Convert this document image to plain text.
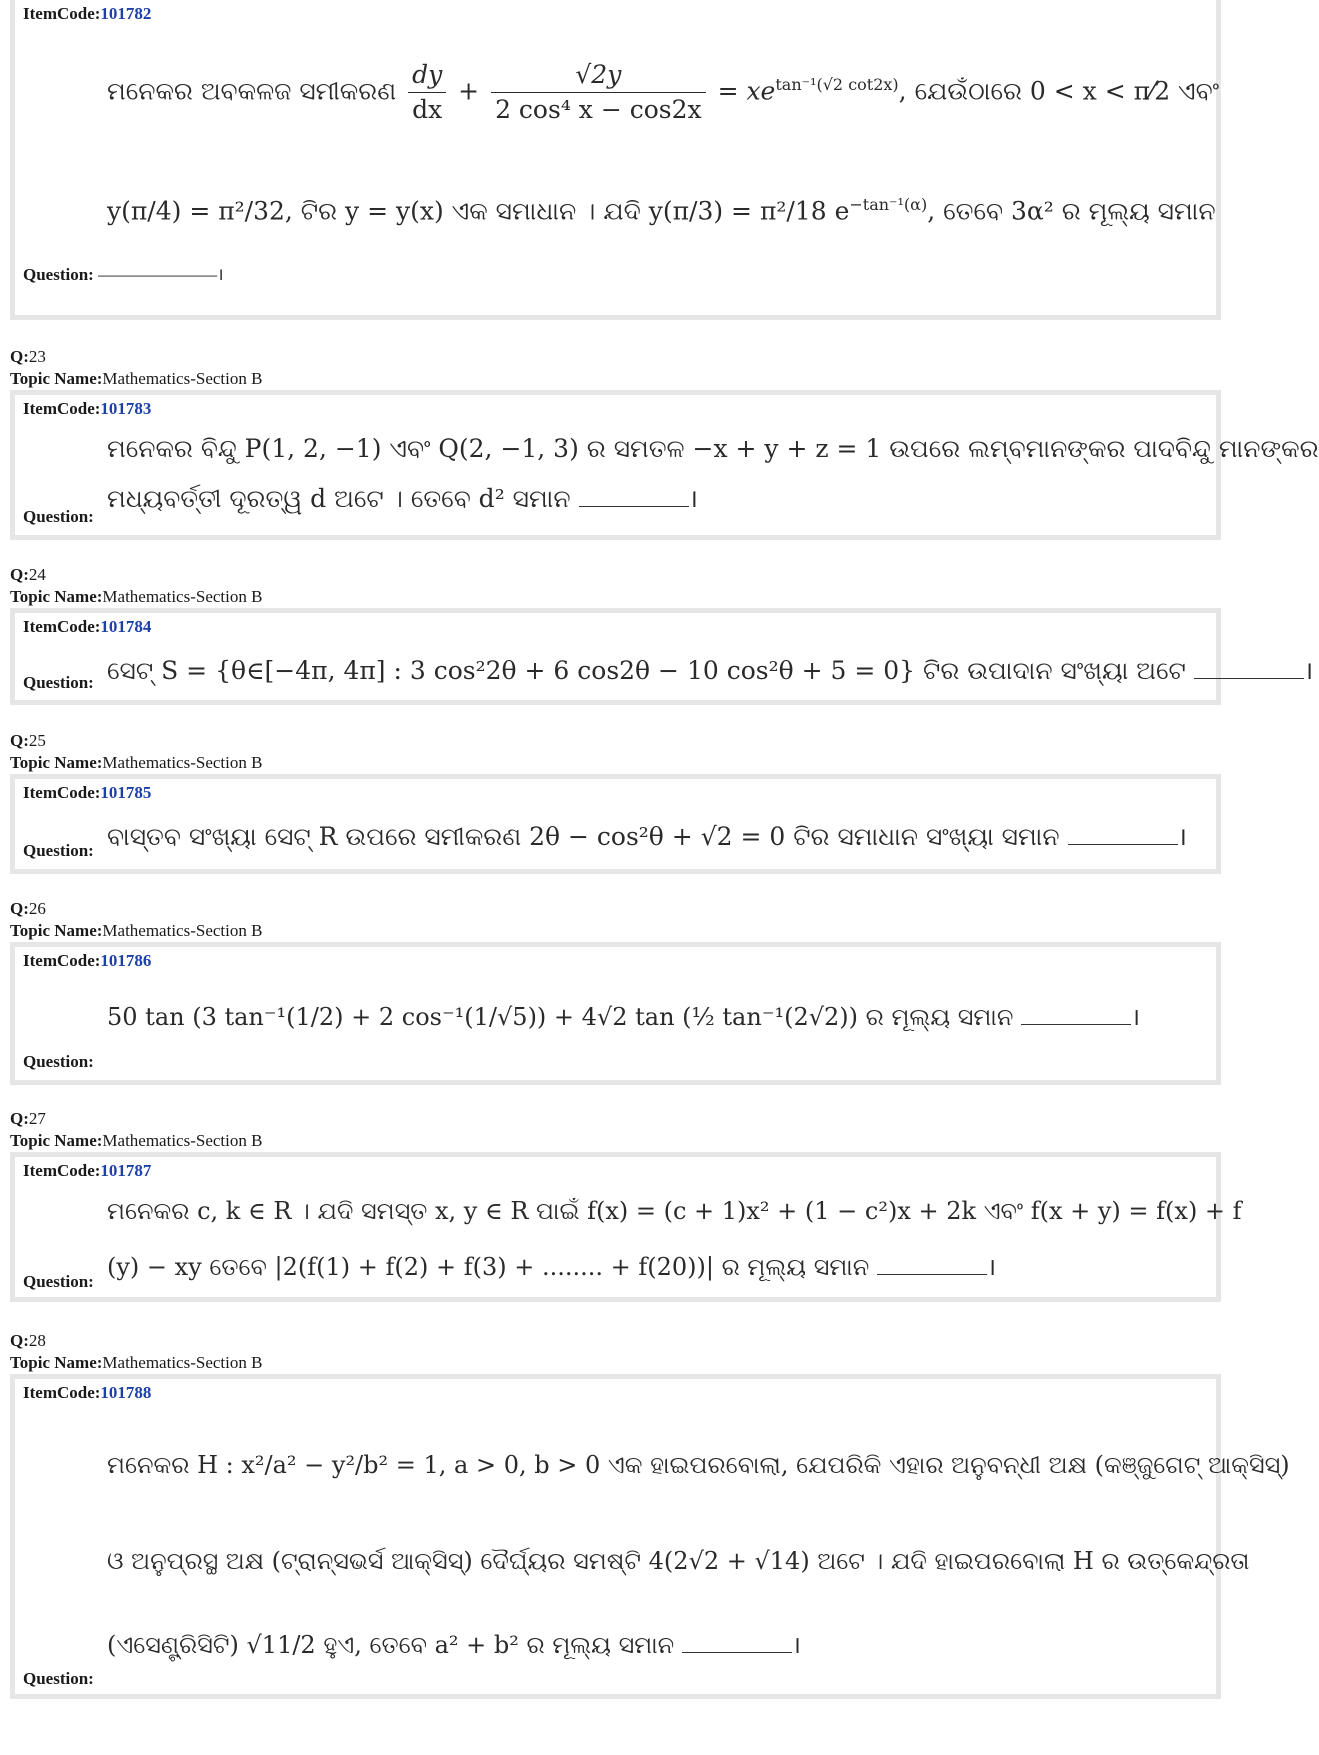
ItemCode:101782
ମନେକର ଅବକଳଜ ସମୀକରଣ $\frac{dy}{dx} + \frac{√2y}{\text{2 cos⁴ x − cos2x}} = xe^{tan^{-1}(√2 cot2x)}$, ଯେଉଁଠାରେ 0 < x < π⁄2 ଏବଂ
y(π/4) = π²/32, ଟିର y = y(x) ଏକ ସମାଧାନ । ଯଦି y(π/3) = π²/18 $e^{-tan^{-1}(\alpha)}$, ତେବେ 3α² ର ମୂଲ୍ୟ ସମାନ
Question: ———————।
Q:23
Topic Name:Mathematics-Section B
ItemCode:101783
ମନେକର ବିନ୍ଦୁ P(1, 2, −1) ଏବଂ Q(2, −1, 3) ର ସମତଳ −x + y + z = 1 ଉପରେ ଲମ୍ବମାନଙ୍କର ପାଦବିନ୍ଦୁ ମାନଙ୍କର
ମଧ୍ୟବର୍ତ୍ତୀ ଦୂରତ୍ୱ d ଅଟେ । ତେବେ d² ସମାନ	।
Question:
Q:24
Topic Name:Mathematics-Section B
ItemCode:101784
ସେଟ୍ S = {θ∈[−4π, 4π] : 3 cos²2θ + 6 cos2θ − 10 cos²θ + 5 = 0} ଟିର ଉପାଦାନ ସଂଖ୍ୟା ଅଟେ	।
Question:
Q:25
Topic Name:Mathematics-Section B
ItemCode:101785
ବାସ୍ତବ ସଂଖ୍ୟା ସେଟ୍ R ଉପରେ ସମୀକରଣ 2θ − cos²θ + √2 = 0 ଟିର ସମାଧାନ ସଂଖ୍ୟା ସମାନ	।
Question:
Q:26
Topic Name:Mathematics-Section B
ItemCode:101786
50 tan (3 tan⁻¹(1/2) + 2 cos⁻¹(1/√5)) + 4√2 tan (½ tan⁻¹(2√2)) ର ମୂଲ୍ୟ ସମାନ	।
Question:
Q:27
Topic Name:Mathematics-Section B
ItemCode:101787
ମନେକର c, k ∈ R । ଯଦି ସମସ୍ତ x, y ∈ R ପାଇଁ f(x) = (c + 1)x² + (1 − c²)x + 2k ଏବଂ f(x + y) = f(x) + f
(y) − xy ତେବେ |2(f(1) + f(2) + f(3) + ........ + f(20))| ର ମୂଲ୍ୟ ସମାନ	।
Question:
Q:28
Topic Name:Mathematics-Section B
ItemCode:101788
ମନେକର H : x²/a² − y²/b² = 1, a > 0, b > 0 ଏକ ହାଇପରବୋଲା, ଯେପରିକି ଏହାର ଅନୁବନ୍ଧୀ ଅକ୍ଷ (କଞ୍ଜୁଗେଟ୍ ଆକ୍ସିସ୍)
ଓ ଅନୁପ୍ରସ୍ଥ ଅକ୍ଷ (ଟ୍ରାନ୍ସଭର୍ସ ଆକ୍ସିସ୍) ଦୈର୍ଘ୍ୟର ସମଷ୍ଟି 4(2√2 + √14) ଅଟେ । ଯଦି ହାଇପରବୋଲା H ର ଉତ୍କେନ୍ଦ୍ରତା
(ଏସେଣ୍ଟ୍ରିସିଟି) √11/2 ହୁଏ, ତେବେ a² + b² ର ମୂଲ୍ୟ ସମାନ	।
Question:
